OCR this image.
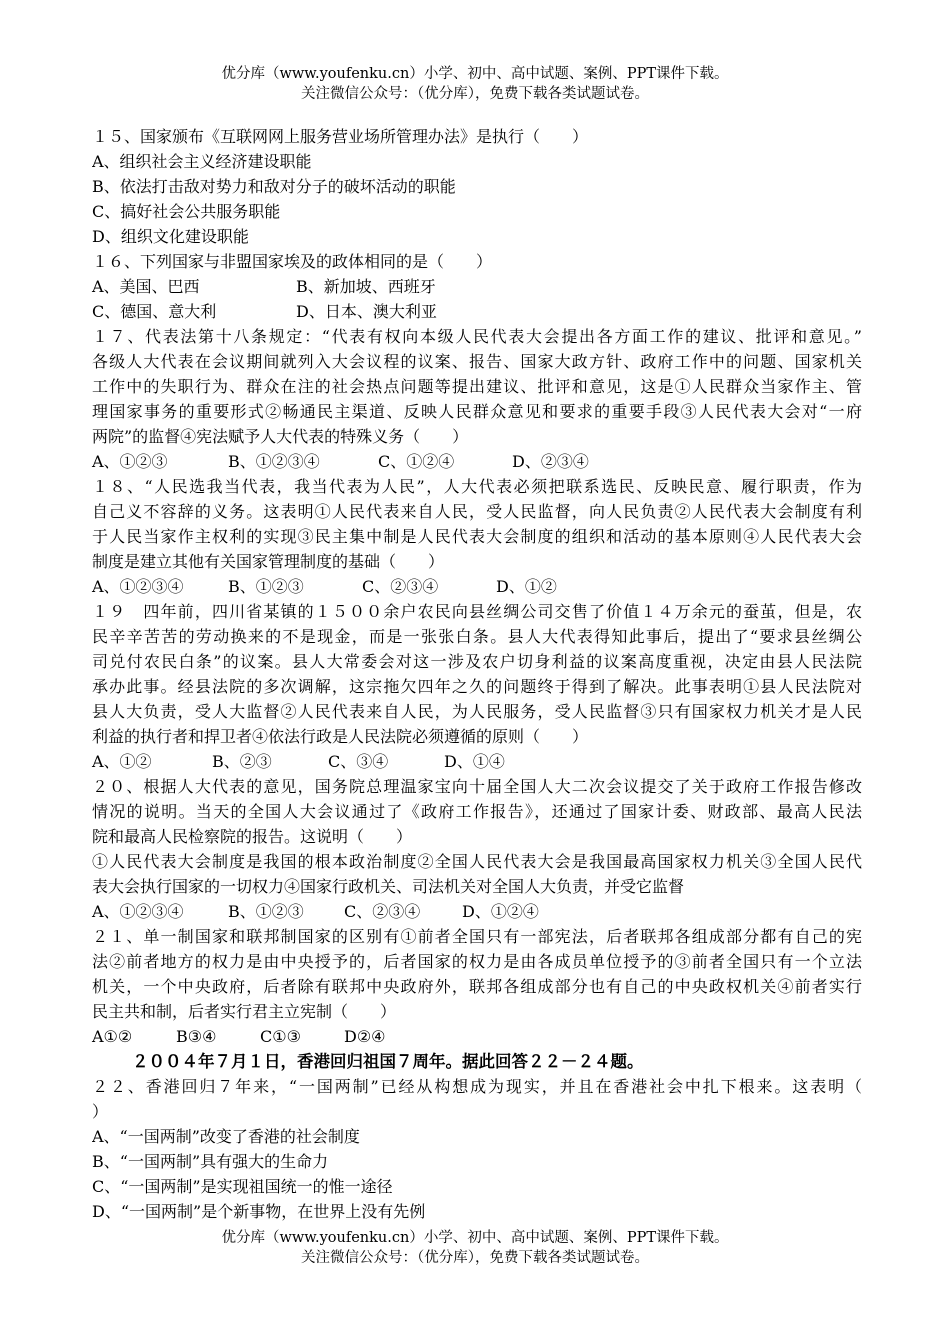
优分库（www.youfenku.cn）小学、初中、高中试题、案例、PPT课件下载。
关注微信公众号：（优分库），免费下载各类试题试卷。
１５、国家颁布《互联网网上服务营业场所管理办法》是执行（　　）
A、组织社会主义经济建设职能
B、依法打击敌对势力和敌对分子的破坏活动的职能
C、搞好社会公共服务职能
D、组织文化建设职能
１６、下列国家与非盟国家埃及的政体相同的是（　　）
A、美国、巴西	B、新加坡、西班牙
C、德国、意大利	D、日本、澳大利亚
１７、代表法第十八条规定：“代表有权向本级人民代表大会提出各方面工作的建议、批评和意见。”
各级人大代表在会议期间就列入大会议程的议案、报告、国家大政方针、政府工作中的问题、国家机关
工作中的失职行为、群众在注的社会热点问题等提出建议、批评和意见，这是①人民群众当家作主、管
理国家事务的重要形式②畅通民主渠道、反映人民群众意见和要求的重要手段③人民代表大会对“一府
两院”的监督④宪法赋予人大代表的特殊义务（　　）
A、①②③	B、①②③④	C、①②④	D、②③④
１８、“人民选我当代表，我当代表为人民”，人大代表必须把联系选民、反映民意、履行职责，作为
自己义不容辞的义务。这表明①人民代表来自人民，受人民监督，向人民负责②人民代表大会制度有利
于人民当家作主权利的实现③民主集中制是人民代表大会制度的组织和活动的基本原则④人民代表大会
制度是建立其他有关国家管理制度的基础（　　）
A、①②③④	B、①②③	C、②③④	D、①②
１９　四年前，四川省某镇的１５００余户农民向县丝绸公司交售了价值１４万余元的蚕茧，但是，农
民辛辛苦苦的劳动换来的不是现金，而是一张张白条。县人大代表得知此事后，提出了“要求县丝绸公
司兑付农民白条”的议案。县人大常委会对这一涉及农户切身利益的议案高度重视，决定由县人民法院
承办此事。经县法院的多次调解，这宗拖欠四年之久的问题终于得到了解决。此事表明①县人民法院对
县人大负责，受人大监督②人民代表来自人民，为人民服务，受人民监督③只有国家权力机关才是人民
利益的执行者和捍卫者④依法行政是人民法院必须遵循的原则（　　）
A、①②	B、②③	C、③④	D、①④
２０、根据人大代表的意见，国务院总理温家宝向十届全国人大二次会议提交了关于政府工作报告修改
情况的说明。当天的全国人大会议通过了《政府工作报告》，还通过了国家计委、财政部、最高人民法
院和最高人民检察院的报告。这说明（　　）
①人民代表大会制度是我国的根本政治制度②全国人民代表大会是我国最高国家权力机关③全国人民代
表大会执行国家的一切权力④国家行政机关、司法机关对全国人大负责，并受它监督
A、①②③④	B、①②③	C、②③④	D、①②④
２１、单一制国家和联邦制国家的区别有①前者全国只有一部宪法，后者联邦各组成部分都有自己的宪
法②前者地方的权力是由中央授予的，后者国家的权力是由各成员单位授予的③前者全国只有一个立法
机关，一个中央政府，后者除有联邦中央政府外，联邦各组成部分也有自己的中央政权机关④前者实行
民主共和制，后者实行君主立宪制（　　）
A①②	B③④	C①③	D②④
２００４年７月１日，香港回归祖国７周年。据此回答２２－２４题。
２２、香港回归７年来，“一国两制”已经从构想成为现实，并且在香港社会中扎下根来。这表明（
）
A、“一国两制”改变了香港的社会制度
B、“一国两制”具有强大的生命力
C、“一国两制”是实现祖国统一的惟一途径
D、“一国两制”是个新事物，在世界上没有先例
优分库（www.youfenku.cn）小学、初中、高中试题、案例、PPT课件下载。
关注微信公众号：（优分库），免费下载各类试题试卷。
